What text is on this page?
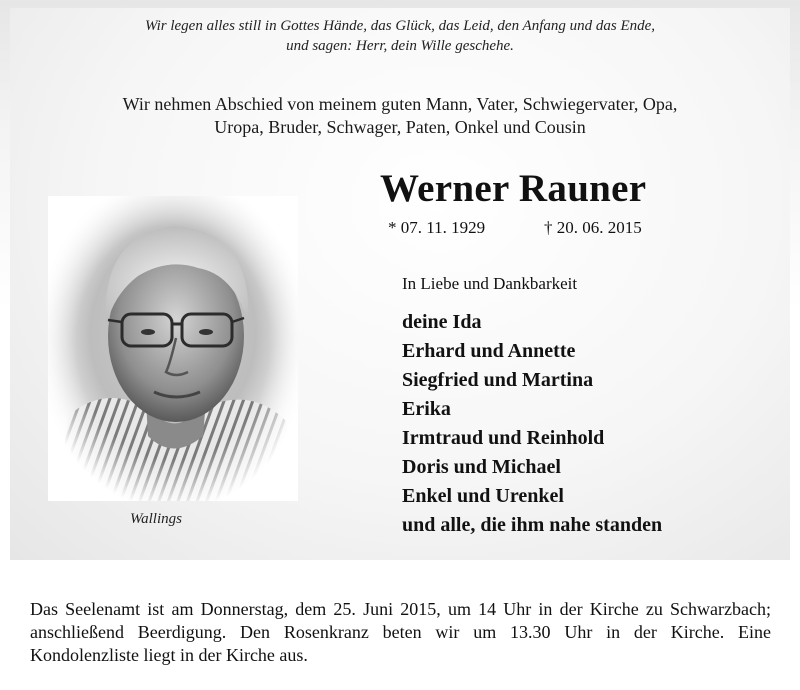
Wir legen alles still in Gottes Hände, das Glück, das Leid, den Anfang und das Ende,
und sagen: Herr, dein Wille geschehe.
Wir nehmen Abschied von meinem guten Mann, Vater, Schwiegervater, Opa,
Uropa, Bruder, Schwager, Paten, Onkel und Cousin
Werner Rauner
* 07. 11. 1929	† 20. 06. 2015
Wallings
In Liebe und Dankbarkeit
deine Ida
Erhard und Annette
Siegfried und Martina
Erika
Irmtraud und Reinhold
Doris und Michael
Enkel und Urenkel
und alle, die ihm nahe standen
Das Seelenamt ist am Donnerstag, dem 25. Juni 2015, um 14 Uhr in der Kirche zu Schwarzbach; anschließend Beerdigung. Den Rosenkranz beten wir um 13.30 Uhr in der Kirche. Eine Kondolenzliste liegt in der Kirche aus.
